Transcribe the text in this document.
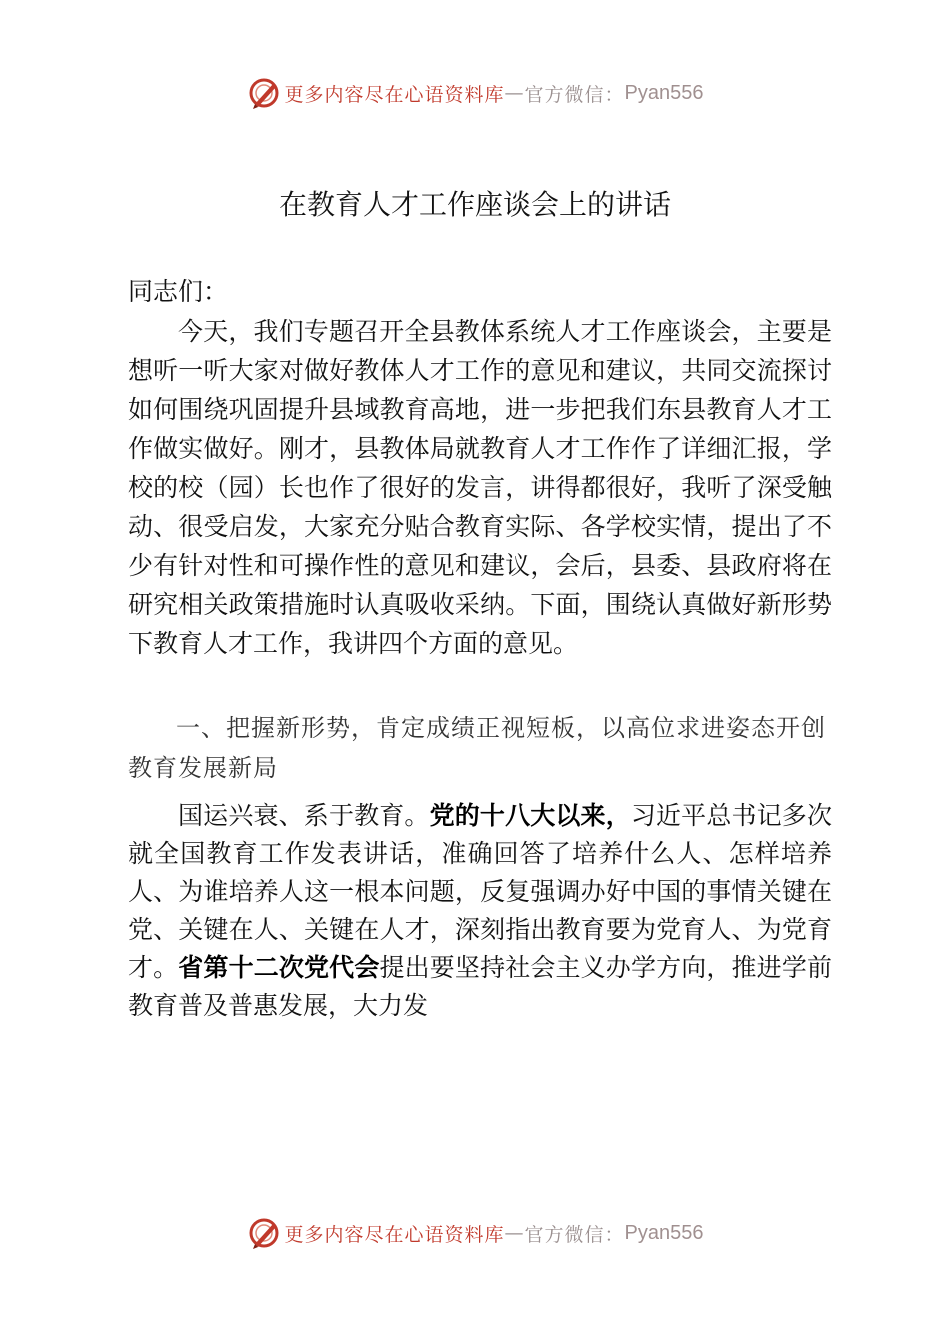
更多内容尽在心语资料库 — 官方微信： Pyan556
在教育人才工作座谈会上的讲话
同志们：
今天，我们专题召开全县教体系统人才工作座谈会，主要是想听一听大家对做好教体人才工作的意见和建议，共同交流探讨如何围绕巩固提升县域教育高地，进一步把我们东县教育人才工作做实做好。刚才，县教体局就教育人才工作作了详细汇报，学校的校（园）长也作了很好的发言，讲得都很好，我听了深受触动、很受启发，大家充分贴合教育实际、各学校实情，提出了不少有针对性和可操作性的意见和建议，会后，县委、县政府将在研究相关政策措施时认真吸收采纳。下面，围绕认真做好新形势下教育人才工作，我讲四个方面的意见。
一、把握新形势，肯定成绩正视短板，以高位求进姿态开创教育发展新局
国运兴衰、系于教育。党的十八大以来，习近平总书记多次就全国教育工作发表讲话，准确回答了培养什么人、怎样培养人、为谁培养人这一根本问题，反复强调办好中国的事情关键在党、关键在人、关键在人才，深刻指出教育要为党育人、为党育才。省第十二次党代会提出要坚持社会主义办学方向，推进学前教育普及普惠发展，大力发
更多内容尽在心语资料库 — 官方微信： Pyan556
